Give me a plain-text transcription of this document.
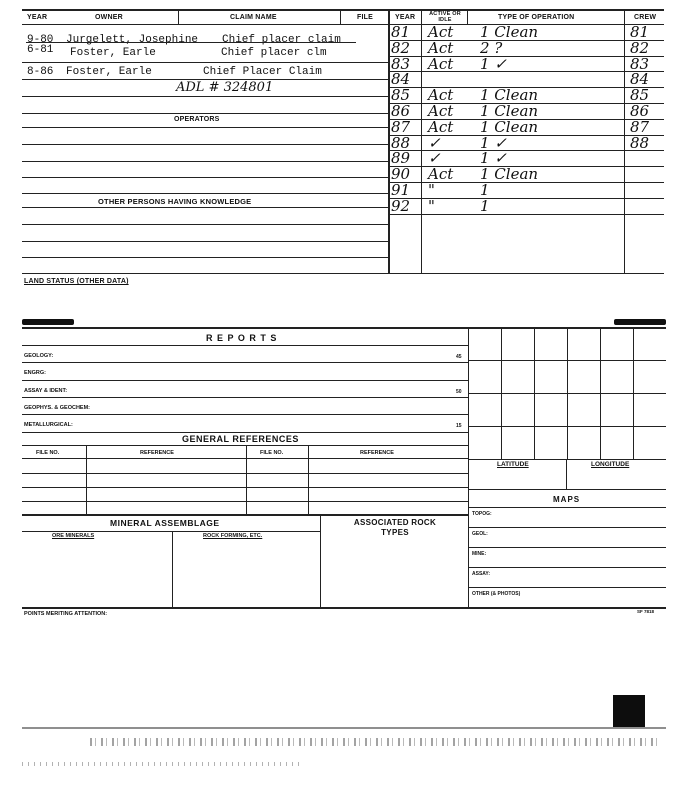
YEAR	OWNER	CLAIM NAME	FILE
9-80 Jurgelett, Josephine Chief placer claim
6-81 Foster, Earle	Chief placer clm
8-86 Foster, Earle	Chief Placer Claim
ADL # 324801
OPERATORS
OTHER PERSONS HAVING KNOWLEDGE
YEAR	ACTIVE OR IDLE	TYPE OF OPERATION	CREW
81 Act 1 Clean	81
82 Act 2 ?	82
83 Act 1 ✓	83
84	84
85 Act 1 Clean	85
86 Act 1 Clean	86
87 Act 1 Clean	87
88 ✓	1 ✓	88
89 ✓	1 ✓
90 Act 1 Clean
91 "	1
92 "	1
LAND STATUS (OTHER DATA)
R E P O R T S
GEOLOGY:	45
ENGRG:
ASSAY & IDENT:	50
GEOPHYS. & GEOCHEM:
METALLURGICAL:	15
GENERAL REFERENCES
FILE NO.	REFERENCE	FILE NO.	REFERENCE
LATITUDE	LONGITUDE
MAPS
TOPOG:
GEOL:
MINE:
ASSAY:
OTHER (& PHOTOS)
MINERAL ASSEMBLAGE
ORE MINERALS	ROCK FORMING, ETC.
ASSOCIATED ROCK TYPES
POINTS MERITING ATTENTION:	SF 7818
